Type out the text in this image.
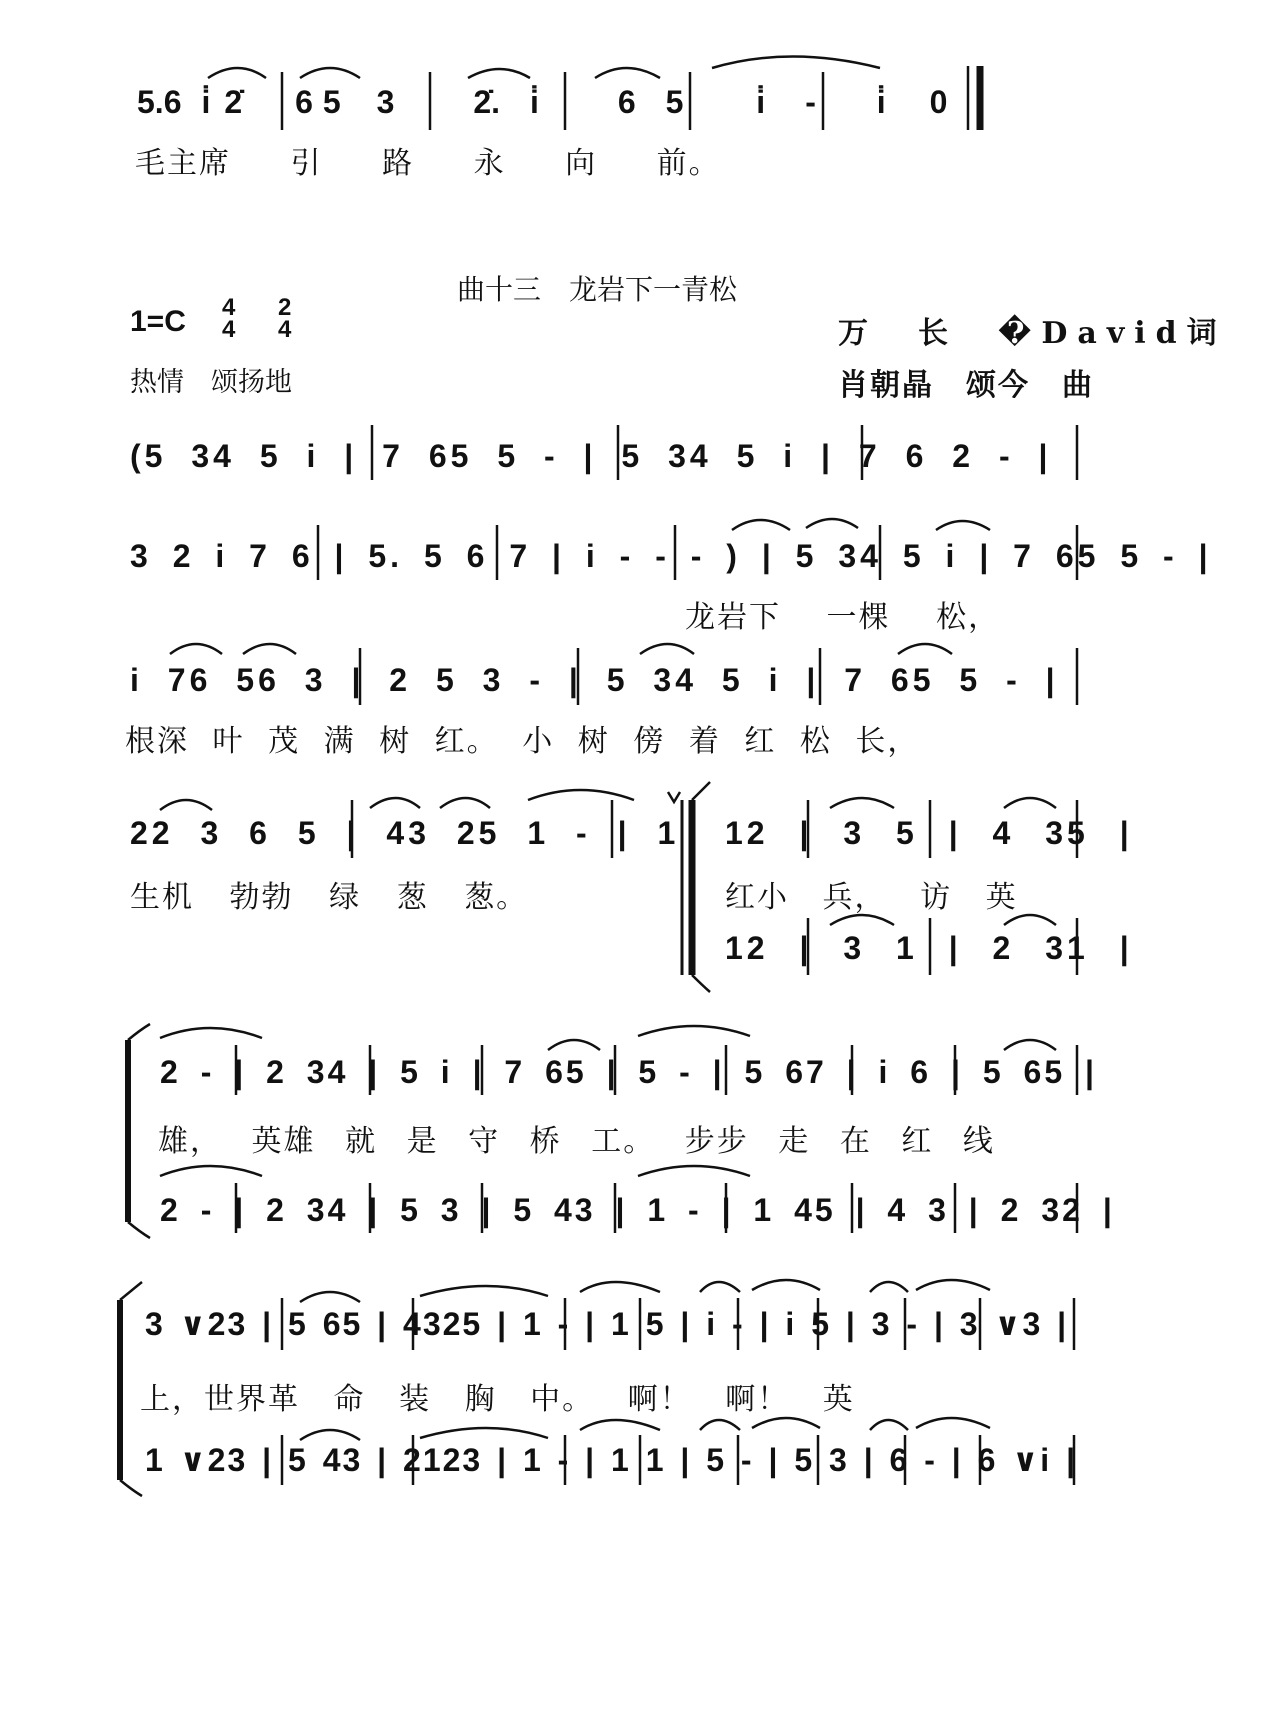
5.6 i̇ 2̇ 6 5 3 2̇. i̇ 6 5 i̇ - i̇ 0
毛主席 引 路 永 向 前。
曲十三　龙岩下一青松
1=C 4
4
2
4
热情　颂扬地
万　长　�David词
肖朝晶　颂今　曲
(5 34 5 i | 7 65 5 - | 5 34 5 i | 7 6 2 - |
3 2 i 7 6 | 5. 5 6 7 | i - - - ) | 5 34 5 i | 7 65 5 - |
龙岩下 一棵 松，
i 76 56 3 | 2 5 3 - | 5 34 5 i | 7 65 5 - |
根深 叶 茂 满 树 红。 小 树 傍 着 红 松 长，
22 3 6 5 | 43 25 1 - | 1
生机 勃勃 绿 葱 葱。
12 | 3 5 | 4 35 |
红小 兵， 访 英
12 | 3 1 | 2 31 |
2 - | 2 34 | 5 i | 7 65 | 5 - | 5 67 | i 6 | 5 65 |
雄， 英雄 就 是 守 桥 工。 步步 走 在 红 线
2 - | 2 34 | 5 3 | 5 43 | 1 - | 1 45 | 4 3 | 2 32 |
3 ∨23 | 5 65 | 4325 | 1 - | 1 5 | i - | i 5 | 3 - | 3 ∨3 |
上，世界革 命 装 胸 中。 啊！ 啊！ 英
1 ∨23 | 5 43 | 2123 | 1 - | 1 1 | 5 - | 5 3 | 6 - | 6 ∨i |
